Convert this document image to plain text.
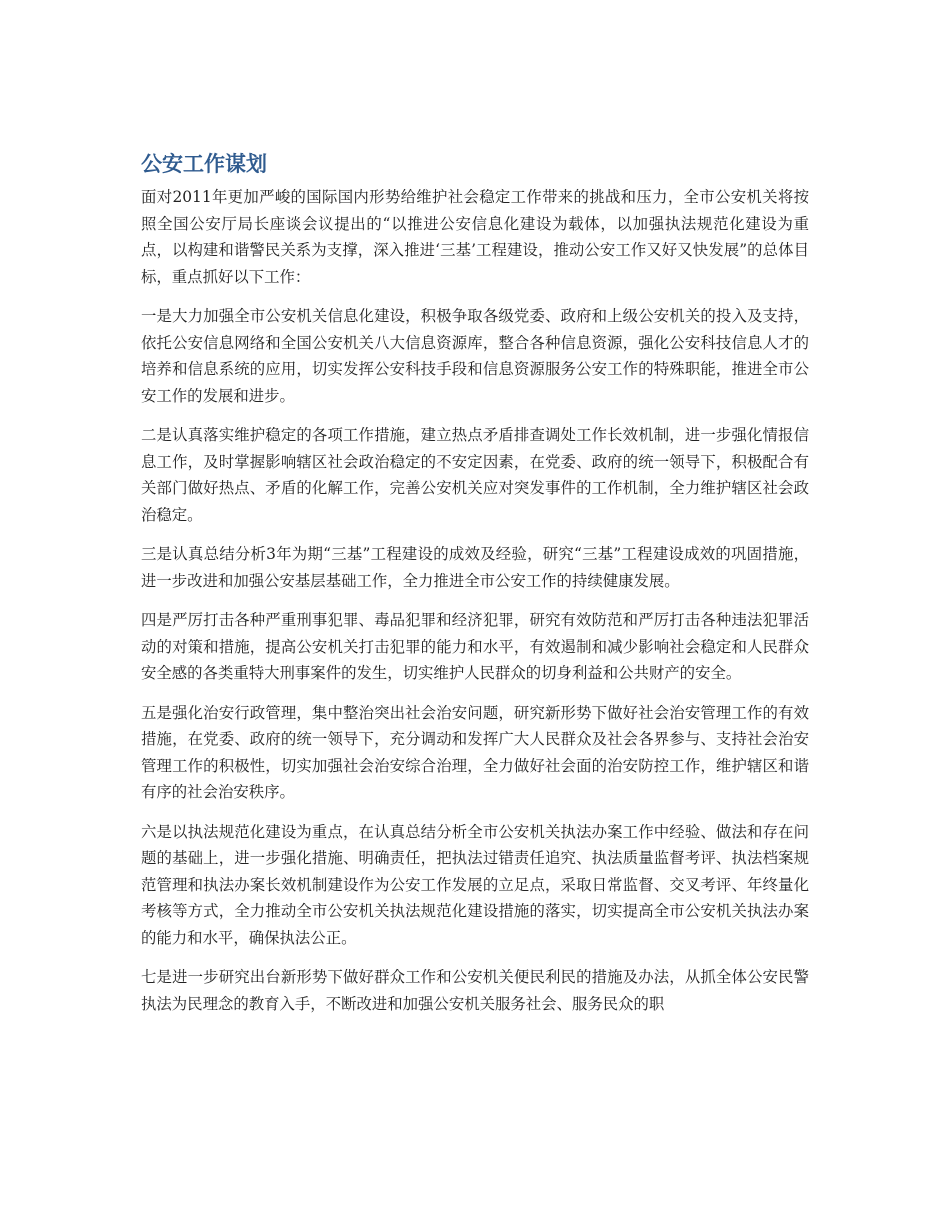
公安工作谋划

面对2011年更加严峻的国际国内形势给维护社会稳定工作带来的挑战和压力，全市公安机关将按照全国公安厅局长座谈会议提出的“以推进公安信息化建设为载体，以加强执法规范化建设为重点，以构建和谐警民关系为支撑，深入推进‘三基’工程建设，推动公安工作又好又快发展”的总体目标，重点抓好以下工作：

一是大力加强全市公安机关信息化建设，积极争取各级党委、政府和上级公安机关的投入及支持，依托公安信息网络和全国公安机关八大信息资源库，整合各种信息资源，强化公安科技信息人才的培养和信息系统的应用，切实发挥公安科技手段和信息资源服务公安工作的特殊职能，推进全市公安工作的发展和进步。

二是认真落实维护稳定的各项工作措施，建立热点矛盾排查调处工作长效机制，进一步强化情报信息工作，及时掌握影响辖区社会政治稳定的不安定因素，在党委、政府的统一领导下，积极配合有关部门做好热点、矛盾的化解工作，完善公安机关应对突发事件的工作机制，全力维护辖区社会政治稳定。

三是认真总结分析3年为期“三基”工程建设的成效及经验，研究“三基”工程建设成效的巩固措施，进一步改进和加强公安基层基础工作，全力推进全市公安工作的持续健康发展。

四是严厉打击各种严重刑事犯罪、毒品犯罪和经济犯罪，研究有效防范和严厉打击各种违法犯罪活动的对策和措施，提高公安机关打击犯罪的能力和水平，有效遏制和减少影响社会稳定和人民群众安全感的各类重特大刑事案件的发生，切实维护人民群众的切身利益和公共财产的安全。

五是强化治安行政管理，集中整治突出社会治安问题，研究新形势下做好社会治安管理工作的有效措施，在党委、政府的统一领导下，充分调动和发挥广大人民群众及社会各界参与、支持社会治安管理工作的积极性，切实加强社会治安综合治理，全力做好社会面的治安防控工作，维护辖区和谐有序的社会治安秩序。

六是以执法规范化建设为重点，在认真总结分析全市公安机关执法办案工作中经验、做法和存在问题的基础上，进一步强化措施、明确责任，把执法过错责任追究、执法质量监督考评、执法档案规范管理和执法办案长效机制建设作为公安工作发展的立足点，采取日常监督、交叉考评、年终量化考核等方式，全力推动全市公安机关执法规范化建设措施的落实，切实提高全市公安机关执法办案的能力和水平，确保执法公正。

七是进一步研究出台新形势下做好群众工作和公安机关便民利民的措施及办法，从抓全体公安民警执法为民理念的教育入手，不断改进和加强公安机关服务社会、服务民众的职
